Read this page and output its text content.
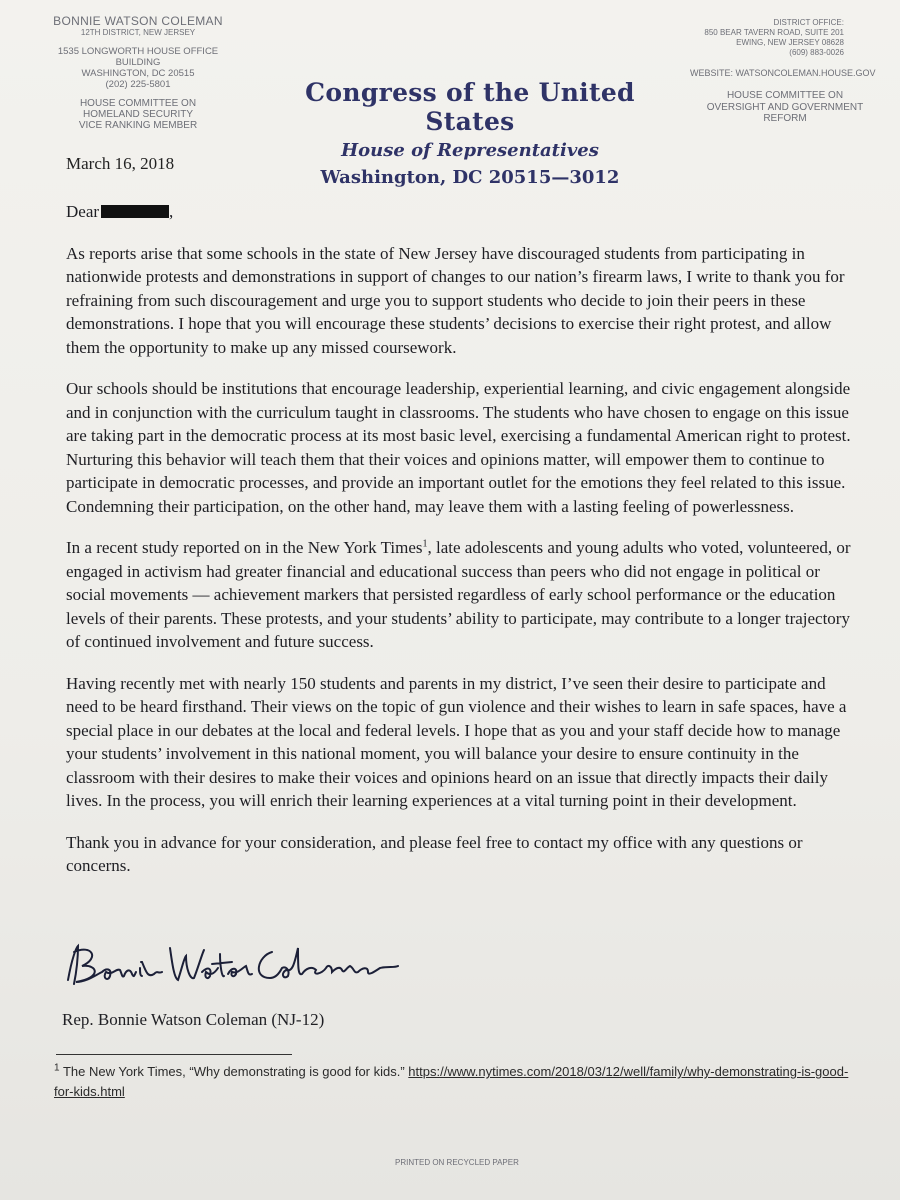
BONNIE WATSON COLEMAN
12TH DISTRICT, NEW JERSEY
1535 LONGWORTH HOUSE OFFICE BUILDING
WASHINGTON, DC 20515
(202) 225-5801
HOUSE COMMITTEE ON
HOMELAND SECURITY
VICE RANKING MEMBER
March 16, 2018
Congress of the United States
House of Representatives
Washington, DC 20515—3012
DISTRICT OFFICE:
850 BEAR TAVERN ROAD, SUITE 201
EWING, NEW JERSEY 08628
(609) 883-0026
WEBSITE: WATSONCOLEMAN.HOUSE.GOV
HOUSE COMMITTEE ON
OVERSIGHT AND GOVERNMENT
REFORM

Dear	,

As reports arise that some schools in the state of New Jersey have discouraged students from participating in nationwide protests and demonstrations in support of changes to our nation’s firearm laws, I write to thank you for refraining from such discouragement and urge you to support students who decide to join their peers in these demonstrations. I hope that you will encourage these students’ decisions to exercise their right protest, and allow them the opportunity to make up any missed coursework.

Our schools should be institutions that encourage leadership, experiential learning, and civic engagement alongside and in conjunction with the curriculum taught in classrooms. The students who have chosen to engage on this issue are taking part in the democratic process at its most basic level, exercising a fundamental American right to protest. Nurturing this behavior will teach them that their voices and opinions matter, will empower them to continue to participate in democratic processes, and provide an important outlet for the emotions they feel related to this issue. Condemning their participation, on the other hand, may leave them with a lasting feeling of powerlessness.

In a recent study reported on in the New York Times$^1$, late adolescents and young adults who voted, volunteered, or engaged in activism had greater financial and educational success than peers who did not engage in political or social movements — achievement markers that persisted regardless of early school performance or the education levels of their parents. These protests, and your students’ ability to participate, may contribute to a longer trajectory of continued involvement and future success.

Having recently met with nearly 150 students and parents in my district, I’ve seen their desire to participate and need to be heard firsthand. Their views on the topic of gun violence and their wishes to learn in safe spaces, have a special place in our debates at the local and federal levels. I hope that as you and your staff decide how to manage your students’ involvement in this national moment, you will balance your desire to ensure continuity in the classroom with their desires to make their voices and opinions heard on an issue that directly impacts their daily lives. In the process, you will enrich their learning experiences at a vital turning point in their development.

Thank you in advance for your consideration, and please feel free to contact my office with any questions or concerns.

Rep. Bonnie Watson Coleman (NJ-12)
$^1$ The New York Times, “Why demonstrating is good for kids.” https://www.nytimes.com/2018/03/12/well/family/why-demonstrating-is-good-for-kids.html
PRINTED ON RECYCLED PAPER
